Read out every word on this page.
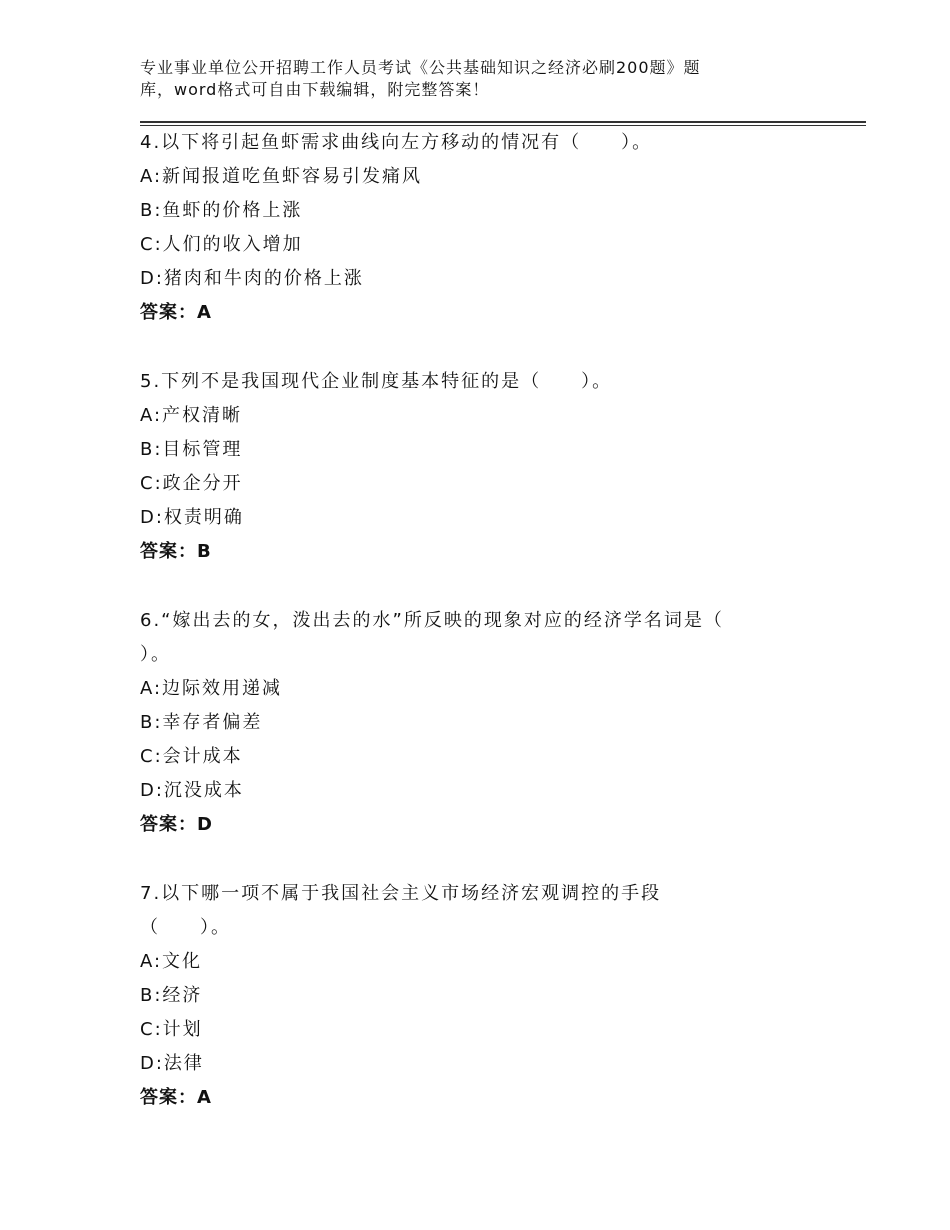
专业事业单位公开招聘工作人员考试《公共基础知识之经济必刷200题》题
库，word格式可自由下载编辑，附完整答案！
4.以下将引起鱼虾需求曲线向左方移动的情况有（　　）。
A:新闻报道吃鱼虾容易引发痛风
B:鱼虾的价格上涨
C:人们的收入增加
D:猪肉和牛肉的价格上涨
答案：A
5.下列不是我国现代企业制度基本特征的是（　　）。
A:产权清晰
B:目标管理
C:政企分开
D:权责明确
答案：B
6.“嫁出去的女，泼出去的水”所反映的现象对应的经济学名词是（
）。
A:边际效用递减
B:幸存者偏差
C:会计成本
D:沉没成本
答案：D
7.以下哪一项不属于我国社会主义市场经济宏观调控的手段
（　　）。
A:文化
B:经济
C:计划
D:法律
答案：A
